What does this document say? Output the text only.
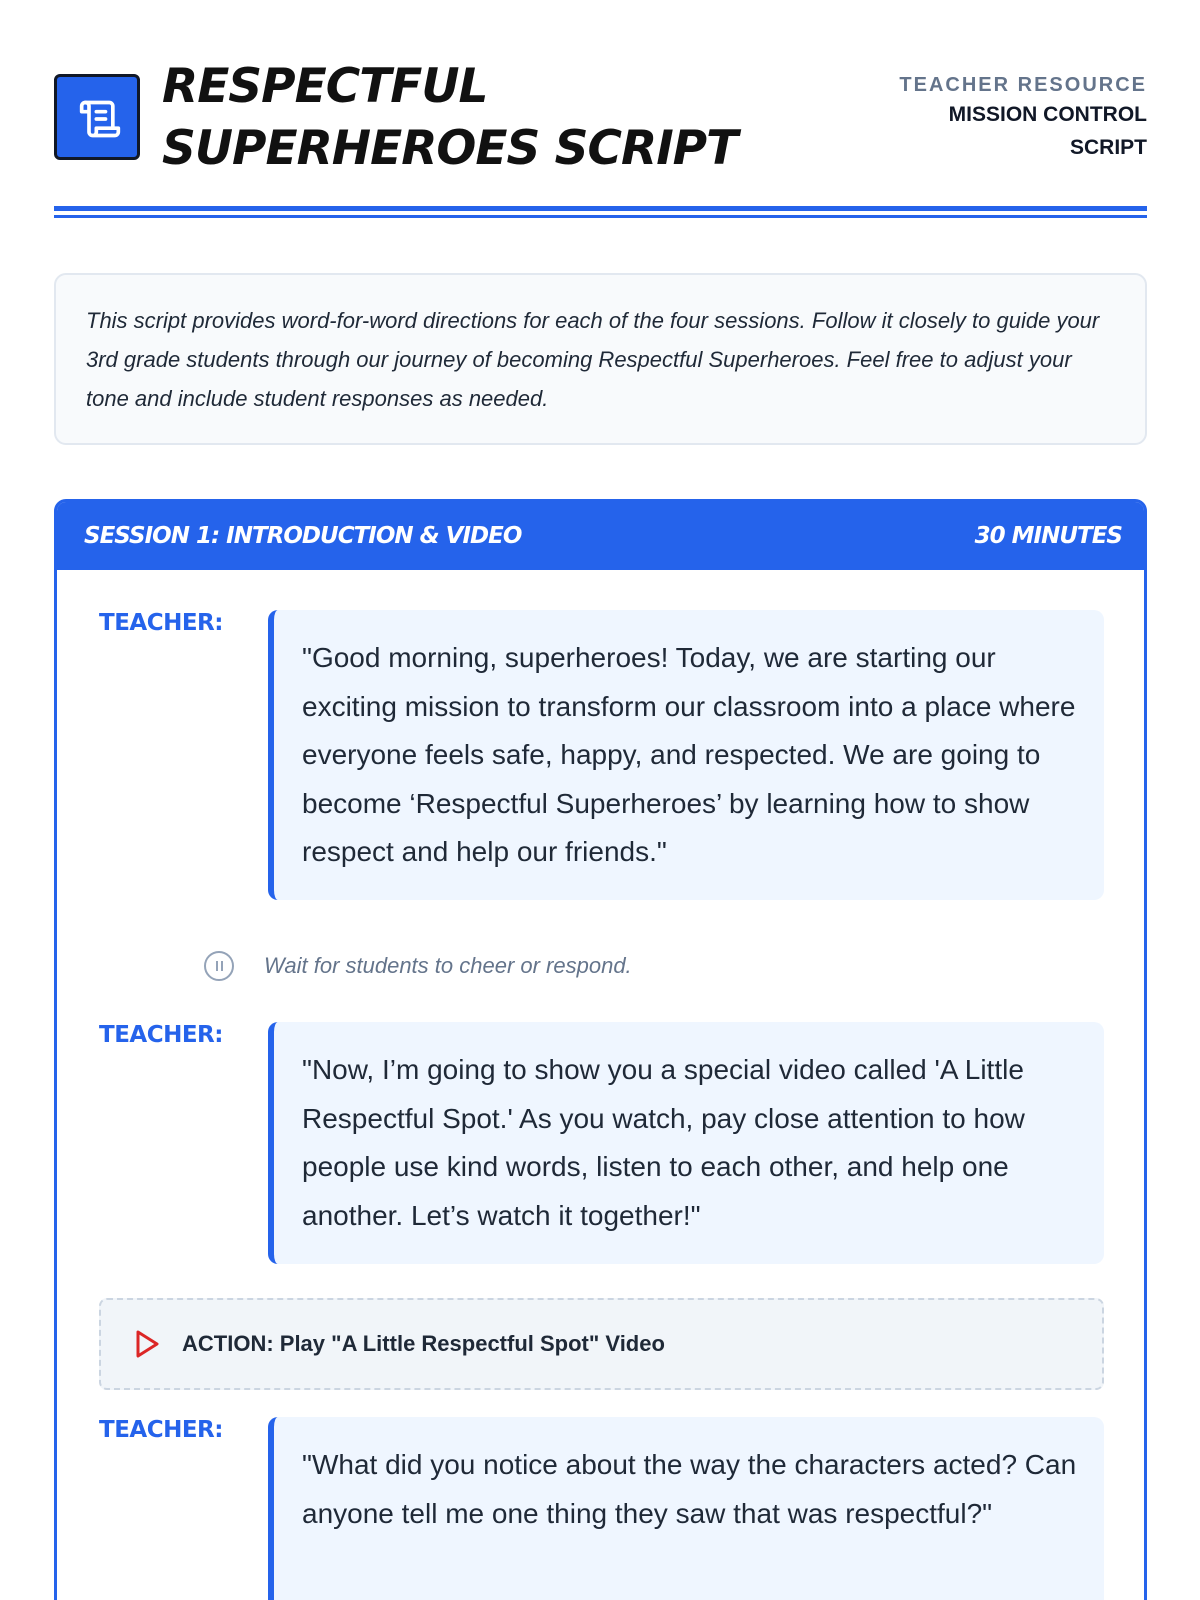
RESPECTFUL
SUPERHEROES SCRIPT
TEACHER RESOURCE
MISSION CONTROL SCRIPT

This script provides word-for-word directions for each of the four sessions. Follow it closely to guide your 3rd grade students through our journey of becoming Respectful Superheroes. Feel free to adjust your tone and include student responses as needed.

SESSION 1: INTRODUCTION & VIDEO	30 MINUTES
TEACHER:

"Good morning, superheroes! Today, we are starting our exciting mission to transform our classroom into a place where everyone feels safe, happy, and respected. We are going to become ‘Respectful Superheroes’ by learning how to show respect and help our friends."

Wait for students to cheer or respond.
TEACHER:

"Now, I’m going to show you a special video called 'A Little Respectful Spot.' As you watch, pay close attention to how people use kind words, listen to each other, and help one another. Let’s watch it together!"

ACTION: Play "A Little Respectful Spot" Video
TEACHER:

"What did you notice about the way the characters acted? Can anyone tell me one thing they saw that was respectful?"
